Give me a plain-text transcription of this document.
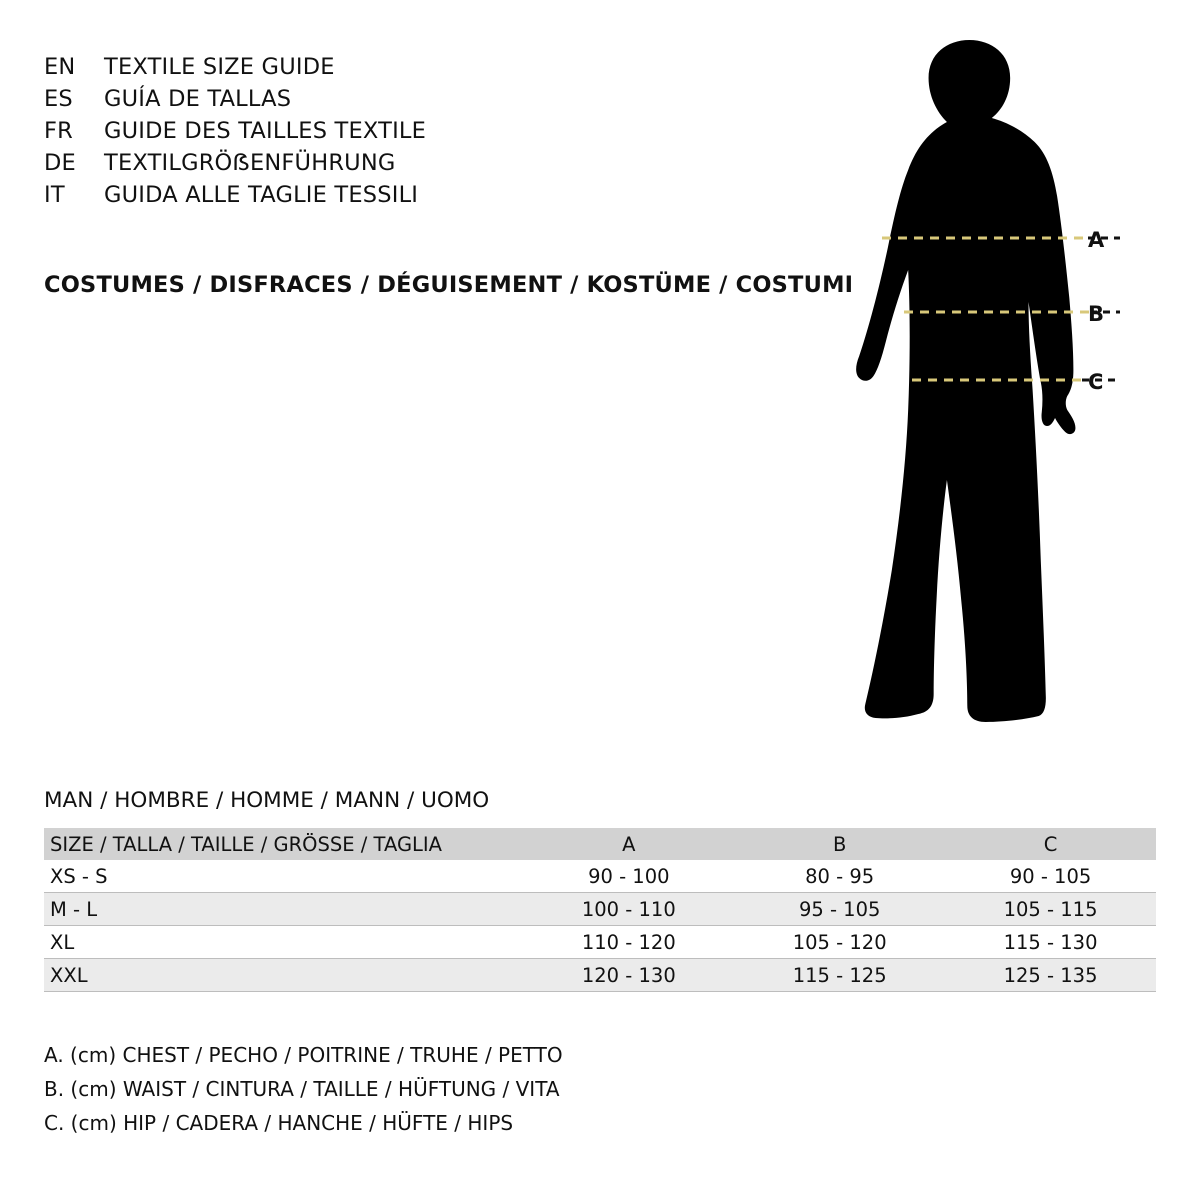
EN	TEXTILE SIZE GUIDE
ES	GUÍA DE TALLAS
FR	GUIDE DES TAILLES TEXTILE
DE	TEXTILGRÖẞENFÜHRUNG
IT	GUIDA ALLE TAGLIE TESSILI
COSTUMES / DISFRACES / DÉGUISEMENT / KOSTÜME / COSTUMI
A
B
C
MAN / HOMBRE / HOMME / MANN / UOMO
SIZE / TALLA / TAILLE / GRÖSSE / TAGLIA	A	B	C
XS - S	90 - 100	80 - 95	90 - 105
M - L	100 - 110	95 - 105	105 - 115
XL	110 - 120	105 - 120	115 - 130
XXL	120 - 130	115 - 125	125 - 135
A. (cm) CHEST / PECHO / POITRINE / TRUHE / PETTO
B. (cm) WAIST / CINTURA / TAILLE / HÜFTUNG / VITA
C. (cm) HIP / CADERA / HANCHE / HÜFTE / HIPS
